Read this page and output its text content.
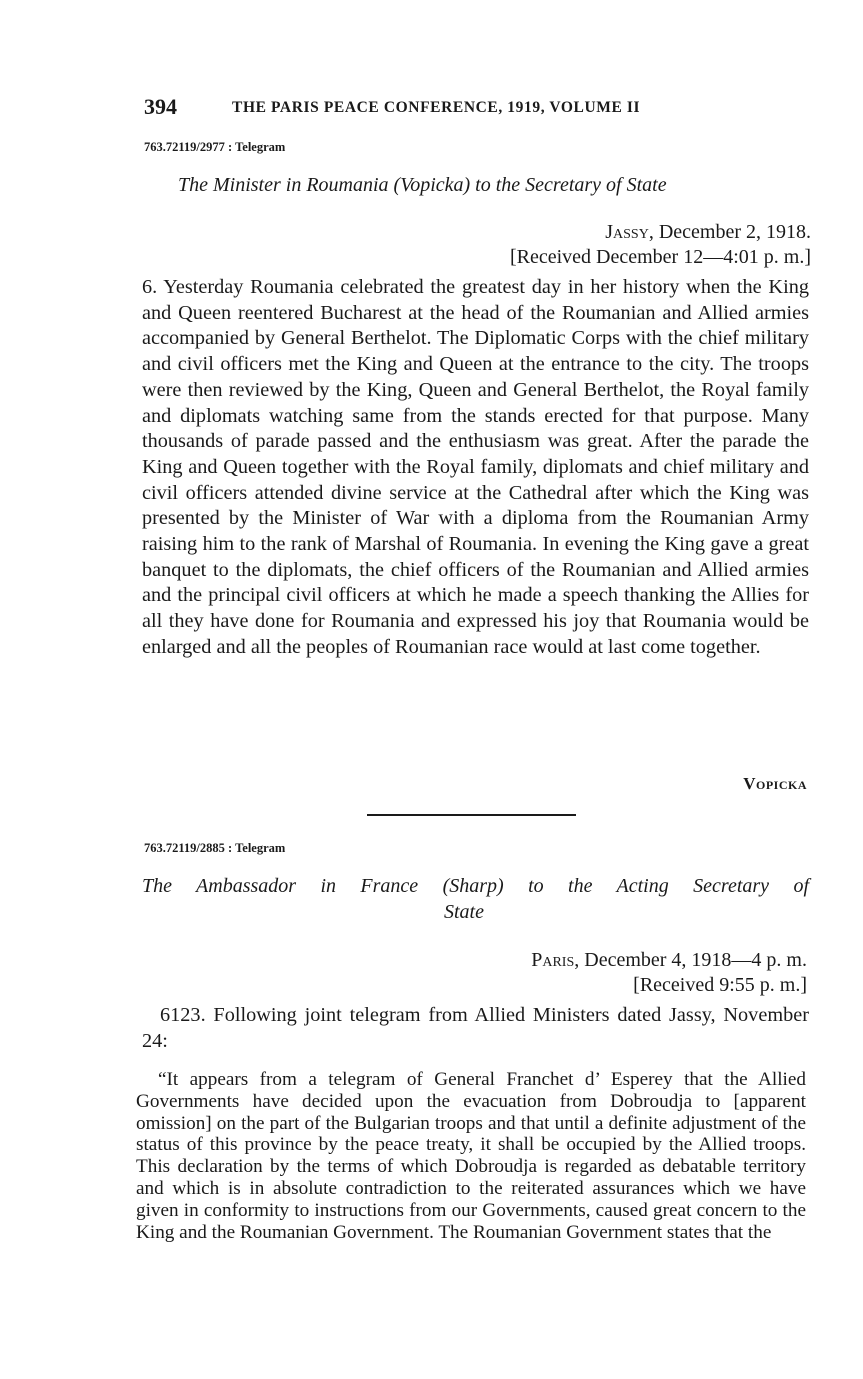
394	THE PARIS PEACE CONFERENCE, 1919, VOLUME II
763.72119/2977 : Telegram
The Minister in Roumania (Vopicka) to the Secretary of State
Jassy, December 2, 1918.
[Received December 12—4:01 p. m.]

6. Yesterday Roumania celebrated the greatest day in her history when the King and Queen reentered Bucharest at the head of the Roumanian and Allied armies accompanied by General Berthelot. The Diplomatic Corps with the chief military and civil officers met the King and Queen at the entrance to the city. The troops were then reviewed by the King, Queen and General Berthelot, the Royal family and diplomats watching same from the stands erected for that purpose. Many thousands of parade passed and the enthusiasm was great. After the parade the King and Queen together with the Royal family, diplomats and chief military and civil officers attended divine service at the Cathedral after which the King was presented by the Minister of War with a diploma from the Roumanian Army raising him to the rank of Marshal of Roumania. In evening the King gave a great banquet to the diplomats, the chief officers of the Roumanian and Allied armies and the principal civil officers at which he made a speech thanking the Allies for all they have done for Roumania and expressed his joy that Roumania would be enlarged and all the peoples of Roumanian race would at last come together.

Vopicka
763.72119/2885 : Telegram
The Ambassador in France (Sharp) to the Acting Secretary of
State
Paris, December 4, 1918—4 p. m.
[Received 9:55 p. m.]

6123. Following joint telegram from Allied Ministers dated Jassy, November 24:

“It appears from a telegram of General Franchet d’ Esperey that the Allied Governments have decided upon the evacuation from Dobroudja to [apparent omission] on the part of the Bulgarian troops and that until a definite adjustment of the status of this province by the peace treaty, it shall be occupied by the Allied troops. This declaration by the terms of which Dobroudja is regarded as debatable territory and which is in absolute contradiction to the reiterated assurances which we have given in conformity to instructions from our Governments, caused great concern to the King and the Roumanian Government. The Roumanian Government states that the
